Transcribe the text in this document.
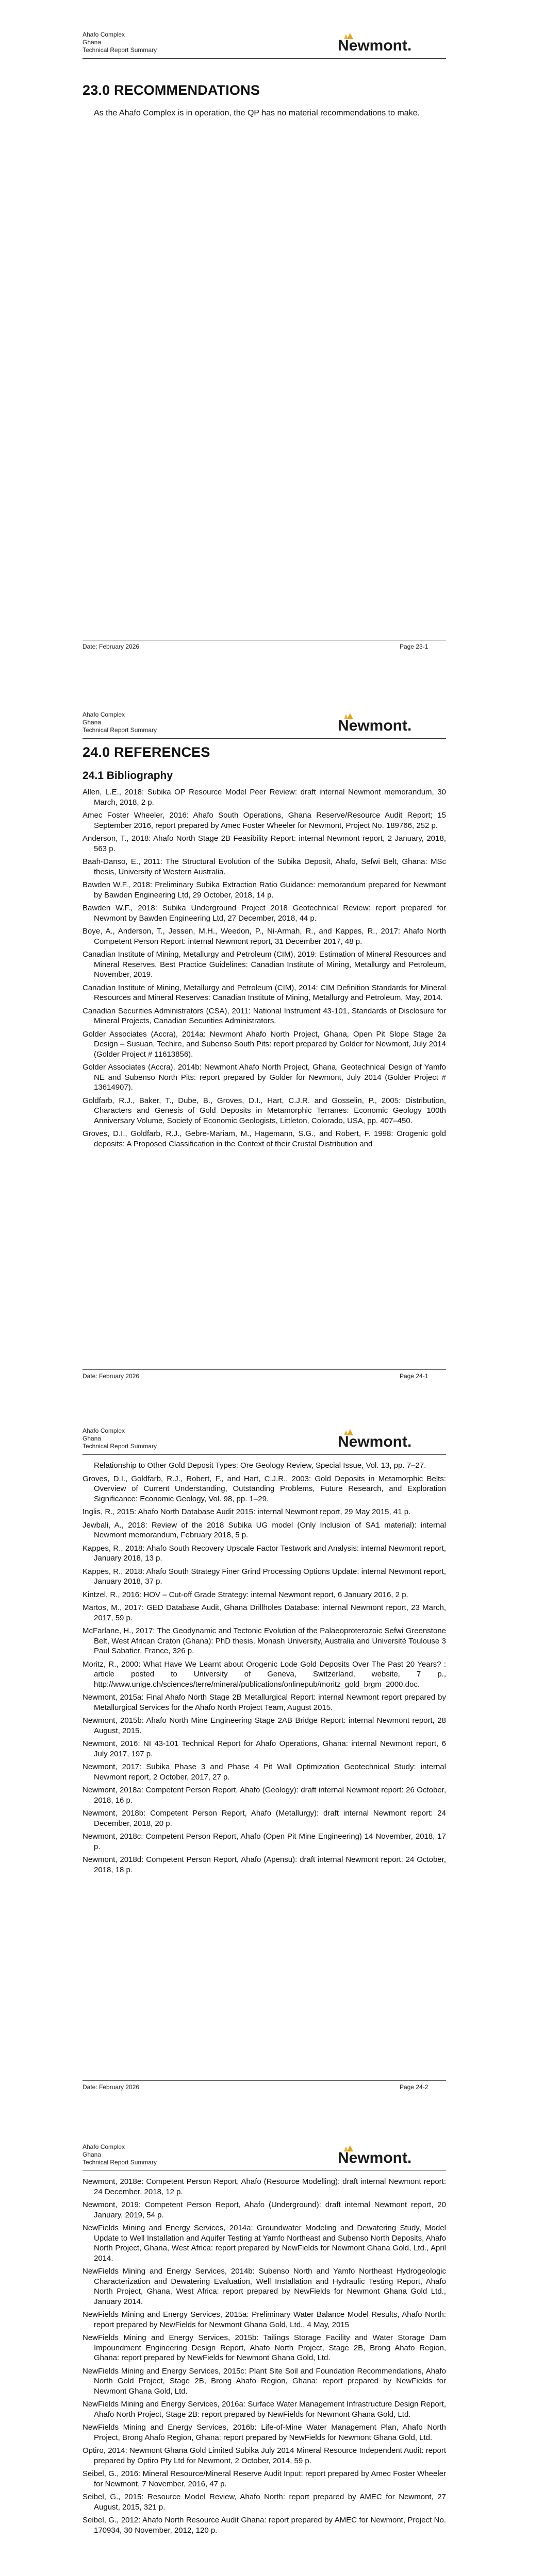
Ahafo Complex
Ghana
Technical Report Summary	Newmont.
23.0 RECOMMENDATIONS

As the Ahafo Complex is in operation, the QP has no material recommendations to make.

Date: February 2026	Page 23-1
Ahafo Complex
Ghana
Technical Report Summary	Newmont.
24.0 REFERENCES
24.1 Bibliography

Allen, L.E., 2018: Subika OP Resource Model Peer Review: draft internal Newmont memorandum, 30 March, 2018, 2 p.

Amec Foster Wheeler, 2016: Ahafo South Operations, Ghana Reserve/Resource Audit Report; 15 September 2016, report prepared by Amec Foster Wheeler for Newmont, Project No. 189766, 252 p.

Anderson, T., 2018: Ahafo North Stage 2B Feasibility Report: internal Newmont report, 2 January, 2018, 563 p.

Baah-Danso, E., 2011: The Structural Evolution of the Subika Deposit, Ahafo, Sefwi Belt, Ghana: MSc thesis, University of Western Australia.

Bawden W.F., 2018: Preliminary Subika Extraction Ratio Guidance: memorandum prepared for Newmont by Bawden Engineering Ltd, 29 October, 2018, 14 p.

Bawden W.F., 2018: Subika Underground Project 2018 Geotechnical Review: report prepared for Newmont by Bawden Engineering Ltd, 27 December, 2018, 44 p.

Boye, A., Anderson, T., Jessen, M.H., Weedon, P., Ni-Armah, R., and Kappes, R., 2017: Ahafo North Competent Person Report: internal Newmont report, 31 December 2017, 48 p.

Canadian Institute of Mining, Metallurgy and Petroleum (CIM), 2019: Estimation of Mineral Resources and Mineral Reserves, Best Practice Guidelines: Canadian Institute of Mining, Metallurgy and Petroleum, November, 2019.

Canadian Institute of Mining, Metallurgy and Petroleum (CIM), 2014: CIM Definition Standards for Mineral Resources and Mineral Reserves: Canadian Institute of Mining, Metallurgy and Petroleum, May, 2014.

Canadian Securities Administrators (CSA), 2011: National Instrument 43-101, Standards of Disclosure for Mineral Projects, Canadian Securities Administrators.

Golder Associates (Accra), 2014a: Newmont Ahafo North Project, Ghana, Open Pit Slope Stage 2a Design – Susuan, Techire, and Subenso South Pits: report prepared by Golder for Newmont, July 2014 (Golder Project # 11613856).

Golder Associates (Accra), 2014b: Newmont Ahafo North Project, Ghana, Geotechnical Design of Yamfo NE and Subenso North Pits: report prepared by Golder for Newmont, July 2014 (Golder Project # 13614907).

Goldfarb, R.J., Baker, T., Dube, B., Groves, D.I., Hart, C.J.R. and Gosselin, P., 2005: Distribution, Characters and Genesis of Gold Deposits in Metamorphic Terranes: Economic Geology 100th Anniversary Volume, Society of Economic Geologists, Littleton, Colorado, USA, pp. 407–450.

Groves, D.I., Goldfarb, R.J., Gebre-Mariam, M., Hagemann, S.G., and Robert, F. 1998: Orogenic gold deposits: A Proposed Classification in the Context of their Crustal Distribution and

Date: February 2026	Page 24-1
Ahafo Complex
Ghana
Technical Report Summary	Newmont.

Relationship to Other Gold Deposit Types: Ore Geology Review, Special Issue, Vol. 13, pp. 7–27.

Groves, D.I., Goldfarb, R.J., Robert, F., and Hart, C.J.R., 2003: Gold Deposits in Metamorphic Belts: Overview of Current Understanding, Outstanding Problems, Future Research, and Exploration Significance: Economic Geology, Vol. 98, pp. 1–29.

Inglis, R., 2015: Ahafo North Database Audit 2015: internal Newmont report, 29 May 2015, 41 p.

Jewbali, A., 2018: Review of the 2018 Subika UG model (Only Inclusion of SA1 material): internal Newmont memorandum, February 2018, 5 p.

Kappes, R., 2018: Ahafo South Recovery Upscale Factor Testwork and Analysis: internal Newmont report, January 2018, 13 p.

Kappes, R., 2018: Ahafo South Strategy Finer Grind Processing Options Update: internal Newmont report, January 2018, 37 p.

Kintzel, R., 2016: HOV – Cut-off Grade Strategy: internal Newmont report, 6 January 2016, 2 p.

Martos, M., 2017: GED Database Audit, Ghana Drillholes Database: internal Newmont report, 23 March, 2017, 59 p.

McFarlane, H., 2017: The Geodynamic and Tectonic Evolution of the Palaeoproterozoic Sefwi Greenstone Belt, West African Craton (Ghana): PhD thesis, Monash University, Australia and Université Toulouse 3 Paul Sabatier, France, 326 p.

Moritz, R., 2000: What Have We Learnt about Orogenic Lode Gold Deposits Over The Past 20 Years? : article posted to University of Geneva, Switzerland, website, 7 p., http://www.unige.ch/sciences/terre/mineral/publications/onlinepub/moritz_gold_brgm_2000.doc.

Newmont, 2015a: Final Ahafo North Stage 2B Metallurgical Report: internal Newmont report prepared by Metallurgical Services for the Ahafo North Project Team, August 2015.

Newmont, 2015b: Ahafo North Mine Engineering Stage 2AB Bridge Report: internal Newmont report, 28 August, 2015.

Newmont, 2016: NI 43-101 Technical Report for Ahafo Operations, Ghana: internal Newmont report, 6 July 2017, 197 p.

Newmont, 2017: Subika Phase 3 and Phase 4 Pit Wall Optimization Geotechnical Study: internal Newmont report, 2 October, 2017, 27 p.

Newmont, 2018a: Competent Person Report, Ahafo (Geology): draft internal Newmont report: 26 October, 2018, 16 p.

Newmont, 2018b: Competent Person Report, Ahafo (Metallurgy): draft internal Newmont report: 24 December, 2018, 20 p.

Newmont, 2018c: Competent Person Report, Ahafo (Open Pit Mine Engineering) 14 November, 2018, 17 p.

Newmont, 2018d: Competent Person Report, Ahafo (Apensu): draft internal Newmont report: 24 October, 2018, 18 p.

Date: February 2026	Page 24-2
Ahafo Complex
Ghana
Technical Report Summary	Newmont.

Newmont, 2018e: Competent Person Report, Ahafo (Resource Modelling): draft internal Newmont report: 24 December, 2018, 12 p.

Newmont, 2019: Competent Person Report, Ahafo (Underground): draft internal Newmont report, 20 January, 2019, 54 p.

NewFields Mining and Energy Services, 2014a: Groundwater Modeling and Dewatering Study, Model Update to Well Installation and Aquifer Testing at Yamfo Northeast and Subenso North Deposits, Ahafo North Project, Ghana, West Africa: report prepared by NewFields for Newmont Ghana Gold, Ltd., April 2014.

NewFields Mining and Energy Services, 2014b: Subenso North and Yamfo Northeast Hydrogeologic Characterization and Dewatering Evaluation, Well Installation and Hydraulic Testing Report, Ahafo North Project, Ghana, West Africa: report prepared by NewFields for Newmont Ghana Gold Ltd., January 2014.

NewFields Mining and Energy Services, 2015a: Preliminary Water Balance Model Results, Ahafo North: report prepared by NewFields for Newmont Ghana Gold, Ltd., 4 May, 2015

NewFields Mining and Energy Services, 2015b: Tailings Storage Facility and Water Storage Dam Impoundment Engineering Design Report, Ahafo North Project, Stage 2B, Brong Ahafo Region, Ghana: report prepared by NewFields for Newmont Ghana Gold, Ltd.

NewFields Mining and Energy Services, 2015c: Plant Site Soil and Foundation Recommendations, Ahafo North Gold Project, Stage 2B, Brong Ahafo Region, Ghana: report prepared by NewFields for Newmont Ghana Gold, Ltd.

NewFields Mining and Energy Services, 2016a: Surface Water Management Infrastructure Design Report, Ahafo North Project, Stage 2B: report prepared by NewFields for Newmont Ghana Gold, Ltd.

NewFields Mining and Energy Services, 2016b: Life-of-Mine Water Management Plan, Ahafo North Project, Brong Ahafo Region, Ghana: report prepared by NewFields for Newmont Ghana Gold, Ltd.

Optiro, 2014: Newmont Ghana Gold Limited Subika July 2014 Mineral Resource Independent Audit: report prepared by Optiro Pty Ltd for Newmont, 2 October, 2014, 59 p.

Seibel, G., 2016: Mineral Resource/Mineral Reserve Audit Input: report prepared by Amec Foster Wheeler for Newmont, 7 November, 2016, 47 p.

Seibel, G., 2015: Resource Model Review, Ahafo North: report prepared by AMEC for Newmont, 27 August, 2015, 321 p.

Seibel, G., 2012: Ahafo North Resource Audit Ghana: report prepared by AMEC for Newmont, Project No. 170934, 30 November, 2012, 120 p.
